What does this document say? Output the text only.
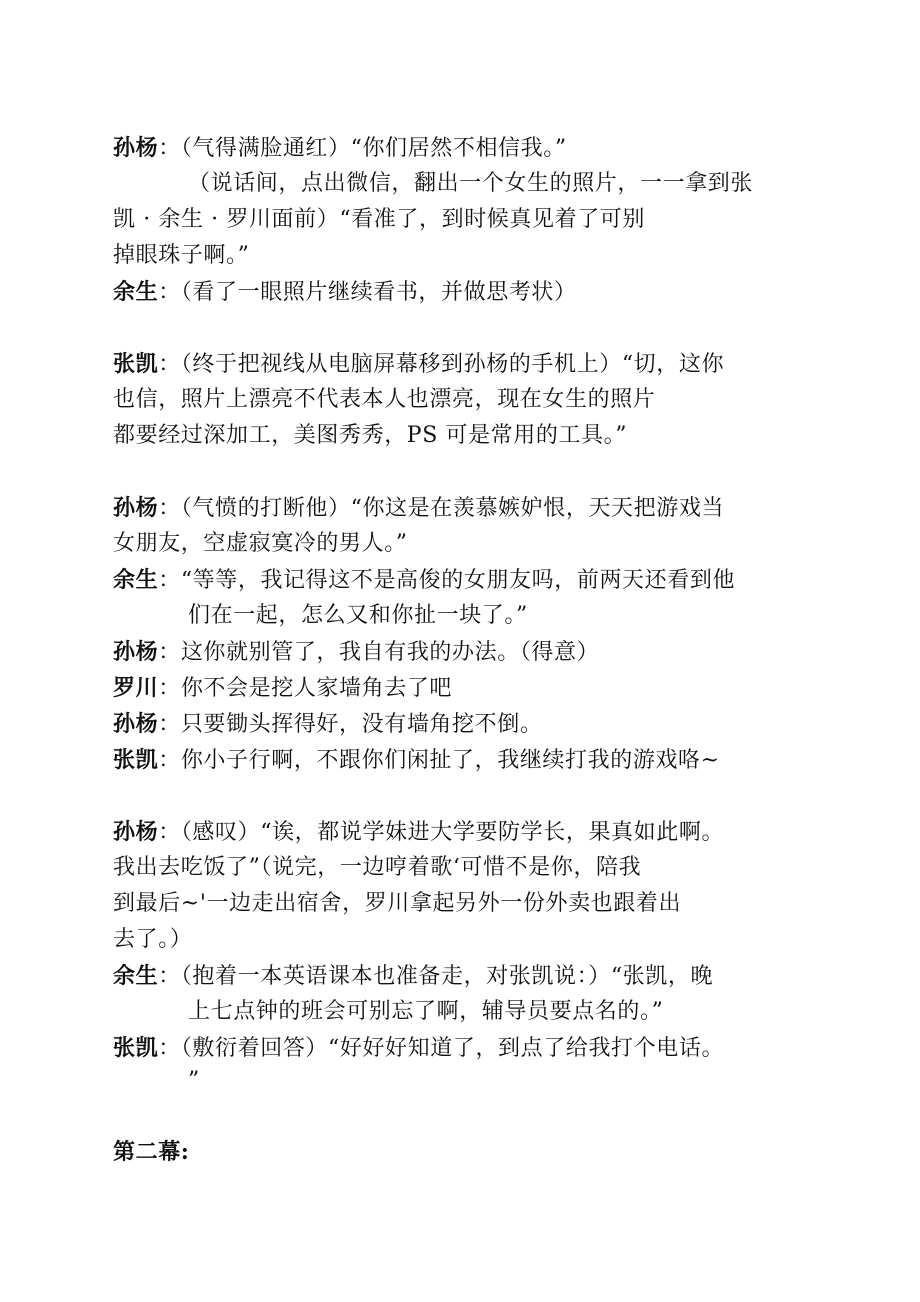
孙杨：（气得满脸通红）“你们居然不相信我。”
（说话间，点出微信，翻出一个女生的照片，一一拿到张
凯 · 余生 · 罗川面前）“看准了，到时候真见着了可别
掉眼珠子啊。”
余生：（看了一眼照片继续看书，并做思考状）
张凯：（终于把视线从电脑屏幕移到孙杨的手机上）“切，这你
也信，照片上漂亮不代表本人也漂亮，现在女生的照片
都要经过深加工，美图秀秀，PS 可是常用的工具。”
孙杨：（气愤的打断他）“你这是在羡慕嫉妒恨，天天把游戏当
女朋友，空虚寂寞冷的男人。”
余生：“等等，我记得这不是高俊的女朋友吗，前两天还看到他
们在一起，怎么又和你扯一块了。”
孙杨：这你就别管了，我自有我的办法。（得意）
罗川：你不会是挖人家墙角去了吧
孙杨：只要锄头挥得好，没有墙角挖不倒。
张凯：你小子行啊，不跟你们闲扯了，我继续打我的游戏咯~
孙杨：（感叹）“诶，都说学妹进大学要防学长，果真如此啊。
我出去吃饭了”（说完，一边哼着歌‘可惜不是你，陪我
到最后~'一边走出宿舍，罗川拿起另外一份外卖也跟着出
去了。）
余生：（抱着一本英语课本也准备走，对张凯说：）“张凯，晚
上七点钟的班会可别忘了啊，辅导员要点名的。”
张凯：（敷衍着回答）“好好好知道了，到点了给我打个电话。
”
第二幕:
